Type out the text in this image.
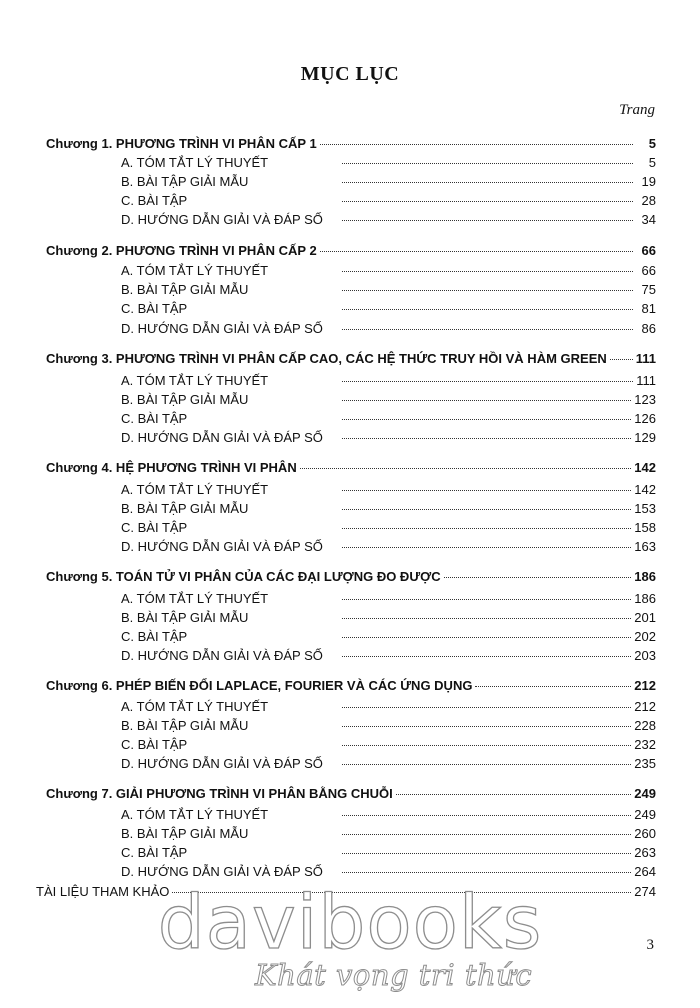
MỤC LỤC
Trang
Chương 1. PHƯƠNG TRÌNH VI PHÂN CẤP 1	5
A. TÓM TẮT LÝ THUYẾT	5
B. BÀI TẬP GIẢI MẪU	19
C. BÀI TẬP	28
D. HƯỚNG DẪN GIẢI VÀ ĐÁP SỐ	34
Chương 2. PHƯƠNG TRÌNH VI PHÂN CẤP 2	66
A. TÓM TẮT LÝ THUYẾT	66
B. BÀI TẬP GIẢI MẪU	75
C. BÀI TẬP	81
D. HƯỚNG DẪN GIẢI VÀ ĐÁP SỐ	86
Chương 3. PHƯƠNG TRÌNH VI PHÂN CẤP CAO, CÁC HỆ THỨC TRUY HỒI VÀ HÀM GREEN 111
A. TÓM TẮT LÝ THUYẾT	111
B. BÀI TẬP GIẢI MẪU	123
C. BÀI TẬP	126
D. HƯỚNG DẪN GIẢI VÀ ĐÁP SỐ	129
Chương 4. HỆ PHƯƠNG TRÌNH VI PHÂN	142
A. TÓM TẮT LÝ THUYẾT	142
B. BÀI TẬP GIẢI MẪU	153
C. BÀI TẬP	158
D. HƯỚNG DẪN GIẢI VÀ ĐÁP SỐ	163
Chương 5. TOÁN TỬ VI PHÂN CỦA CÁC ĐẠI LƯỢNG ĐO ĐƯỢC	186
A. TÓM TẮT LÝ THUYẾT	186
B. BÀI TẬP GIẢI MẪU	201
C. BÀI TẬP	202
D. HƯỚNG DẪN GIẢI VÀ ĐÁP SỐ	203
Chương 6. PHÉP BIẾN ĐỔI LAPLACE, FOURIER VÀ CÁC ỨNG DỤNG	212
A. TÓM TẮT LÝ THUYẾT	212
B. BÀI TẬP GIẢI MẪU	228
C. BÀI TẬP	232
D. HƯỚNG DẪN GIẢI VÀ ĐÁP SỐ	235
Chương 7. GIẢI PHƯƠNG TRÌNH VI PHÂN BẰNG CHUỖI	249
A. TÓM TẮT LÝ THUYẾT	249
B. BÀI TẬP GIẢI MẪU	260
C. BÀI TẬP	263
D. HƯỚNG DẪN GIẢI VÀ ĐÁP SỐ	264
TÀI LIỆU THAM KHẢO	274
davibooks	3
Khát vọng tri thức
